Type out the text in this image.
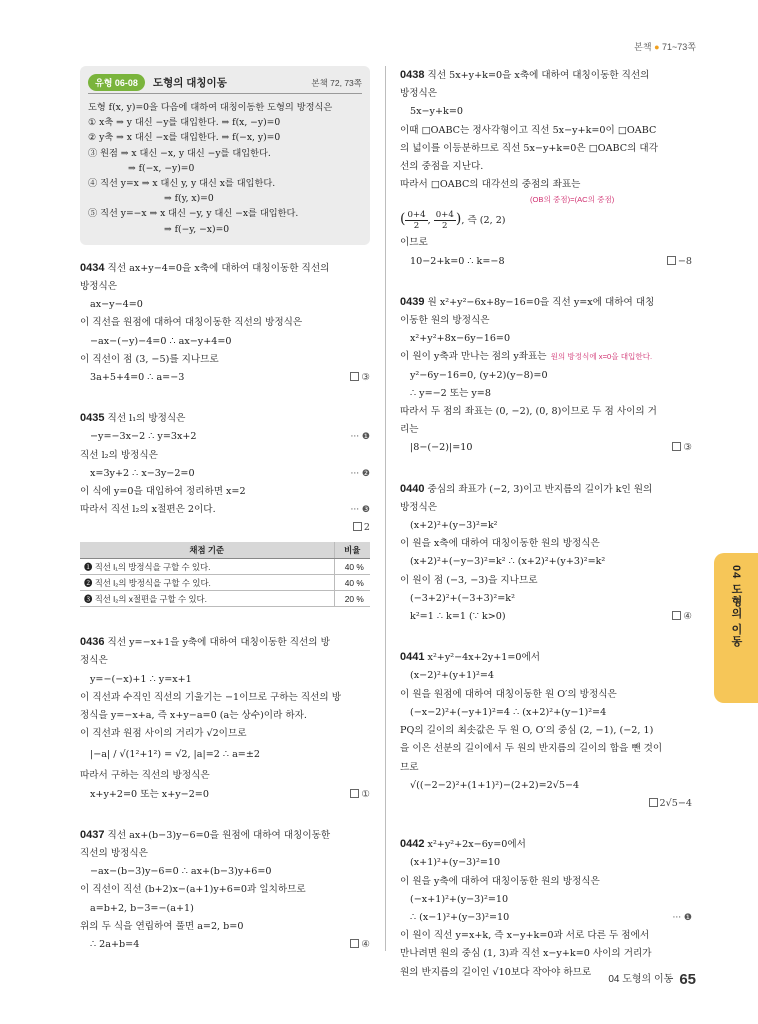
본책 ● 71~73쪽
유형 06-08	도형의 대칭이동	본책 72, 73쪽
도형 f(x, y)=0을 다음에 대하여 대칭이동한 도형의 방정식은
① x축 ⇒ y 대신 −y를 대입한다. ⇒ f(x, −y)=0
② y축 ⇒ x 대신 −x를 대입한다. ⇒ f(−x, y)=0
③ 원점 ⇒ x 대신 −x, y 대신 −y를 대입한다.
⇒ f(−x, −y)=0
④ 직선 y=x ⇒ x 대신 y, y 대신 x를 대입한다.
⇒ f(y, x)=0
⑤ 직선 y=−x ⇒ x 대신 −y, y 대신 −x를 대입한다.
⇒ f(−y, −x)=0
0434 직선 ax+y−4=0을 x축에 대하여 대칭이동한 직선의
방정식은
ax−y−4=0
이 직선을 원점에 대하여 대칭이동한 직선의 방정식은
−ax−(−y)−4=0 ∴ ax−y+4=0
이 직선이 점 (3, −5)를 지나므로
3a+5+4=0 ∴ a=−3	③
0435 직선 l₁의 방정식은
−y=−3x−2 ∴ y=3x+2	··· ❶
직선 l₂의 방정식은
x=3y+2 ∴ x−3y−2=0	··· ❷
이 식에 y=0을 대입하여 정리하면 x=2
따라서 직선 l₂의 x절편은 2이다.	··· ❸
2

채점 기준	비율
❶ 직선 l₁의 방정식을 구할 수 있다.	40 %
❷ 직선 l₂의 방정식을 구할 수 있다.	40 %
❸ 직선 l₂의 x절편을 구할 수 있다.	20 %
0436 직선 y=−x+1을 y축에 대하여 대칭이동한 직선의 방
정식은
y=−(−x)+1 ∴ y=x+1
이 직선과 수직인 직선의 기울기는 −1이므로 구하는 직선의 방
정식을 y=−x+a, 즉 x+y−a=0 (a는 상수)이라 하자.
이 직선과 원점 사이의 거리가 √2이므로
|−a| / √(1²+1²) = √2, |a|=2 ∴ a=±2
따라서 구하는 직선의 방정식은
x+y+2=0 또는 x+y−2=0	①
0437 직선 ax+(b−3)y−6=0을 원점에 대하여 대칭이동한
직선의 방정식은
−ax−(b−3)y−6=0 ∴ ax+(b−3)y+6=0
이 직선이 직선 (b+2)x−(a+1)y+6=0과 일치하므로
a=b+2, b−3=−(a+1)
위의 두 식을 연립하여 풀면 a=2, b=0
∴ 2a+b=4	④
0438 직선 5x+y+k=0을 x축에 대하여 대칭이동한 직선의
방정식은
5x−y+k=0
이때 □OABC는 정사각형이고 직선 5x−y+k=0이 □OABC
의 넓이를 이등분하므로 직선 5x−y+k=0은 □OABC의 대각
선의 중점을 지난다.
따라서 □OABC의 대각선의 중점의 좌표는
(OB의 중점)=(AC의 중점)
( $\frac{0+4}{2}$ , $\frac{0+4}{2}$ ), 즉 (2, 2)
이므로
10−2+k=0 ∴ k=−8	−8
0439 원 x²+y²−6x+8y−16=0을 직선 y=x에 대하여 대칭
이동한 원의 방정식은
x²+y²+8x−6y−16=0
이 원이 y축과 만나는 점의 y좌표는 원의 방정식에 x=0을 대입한다.
y²−6y−16=0, (y+2)(y−8)=0
∴ y=−2 또는 y=8
따라서 두 점의 좌표는 (0, −2), (0, 8)이므로 두 점 사이의 거
리는
|8−(−2)|=10	③
0440 중심의 좌표가 (−2, 3)이고 반지름의 길이가 k인 원의
방정식은
(x+2)²+(y−3)²=k²
이 원을 x축에 대하여 대칭이동한 원의 방정식은
(x+2)²+(−y−3)²=k² ∴ (x+2)²+(y+3)²=k²
이 원이 점 (−3, −3)을 지나므로
(−3+2)²+(−3+3)²=k²
k²=1 ∴ k=1 (∵ k>0)	④
0441 x²+y²−4x+2y+1=0에서
(x−2)²+(y+1)²=4
이 원을 원점에 대하여 대칭이동한 원 O′의 방정식은
(−x−2)²+(−y+1)²=4 ∴ (x+2)²+(y−1)²=4
PQ의 길이의 최솟값은 두 원 O, O′의 중심 (2, −1), (−2, 1)
을 이은 선분의 길이에서 두 원의 반지름의 길이의 합을 뺀 것이
므로
√((−2−2)²+(1+1)²)−(2+2)=2√5−4
2√5−4

0442 x²+y²+2x−6y=0에서
(x+1)²+(y−3)²=10
이 원을 y축에 대하여 대칭이동한 원의 방정식은
(−x+1)²+(y−3)²=10
∴ (x−1)²+(y−3)²=10	··· ❶
이 원이 직선 y=x+k, 즉 x−y+k=0과 서로 다른 두 점에서
만나려면 원의 중심 (1, 3)과 직선 x−y+k=0 사이의 거리가
원의 반지름의 길이인 √10보다 작아야 하므로
04 도형의 이동
04 도형의 이동 65
